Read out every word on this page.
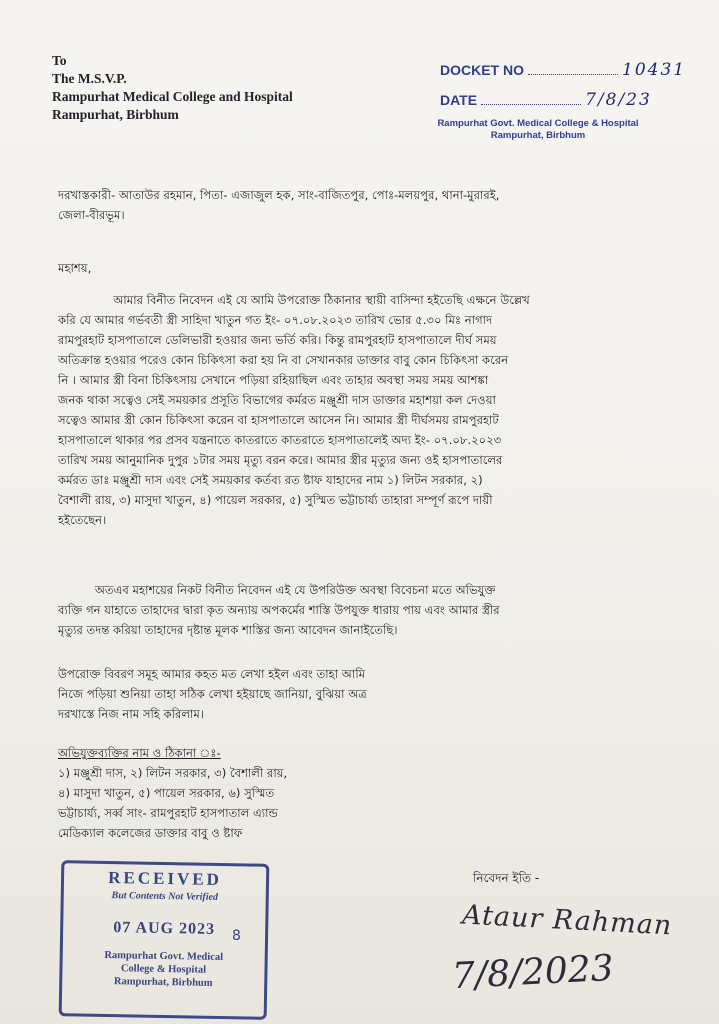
To
The M.S.V.P.
Rampurhat Medical College and Hospital
Rampurhat, Birbhum
DOCKET NO	10431
DATE	7/8/23
Rampurhat Govt. Medical College & Hospital
Rampurhat, Birbhum
দরখাস্তকারী- আতাউর রহমান, পিতা- এজাজুল হক, সাং-বাজিতপুর, পোঃ-মলয়পুর, থানা-মুরারই,
জেলা-বীরভূম।
মহাশয়,
আমার বিনীত নিবেদন এই যে আমি উপরোক্ত ঠিকানার স্থায়ী বাসিন্দা হইতেছি এক্ষনে উল্লেখ
করি যে আমার গর্ভবতী স্ত্রী সাহিদা খাতুন গত ইং- ০৭.০৮.২০২৩ তারিখ ভোর ৫.৩০ মিঃ নাগাদ
রামপুরহাট হাসপাতালে ডেলিভারী হওয়ার জন্য ভর্তি করি। কিন্তু রামপুরহাট হাসপাতালে দীর্ঘ সময়
অতিক্রান্ত হওয়ার পরেও কোন চিকিৎসা করা হয় নি বা সেখানকার ডাক্তার বাবু কোন চিকিৎসা করেন
নি । আমার স্ত্রী বিনা চিকিৎসায় সেখানে পড়িয়া রহিয়াছিল এবং তাহার অবস্থা সময় সময় আশঙ্কা
জনক থাকা সত্বেও সেই সময়কার প্রসূতি বিভাগের কর্মরত মঞ্জুশ্রী দাস ডাক্তার মহাশয়া কল দেওয়া
সত্বেও আমার স্ত্রী কোন চিকিৎসা করেন বা হাসপাতালে আসেন নি। আমার স্ত্রী দীর্ঘসময় রামপুরহাট
হাসপাতালে থাকার পর প্রসব যন্ত্রনাতে কাতরাতে কাতরাতে হাসপাতালেই অদ্য ইং- ০৭.০৮.২০২৩
তারিখ সময় আনুমানিক দুপুর ১টার সময় মৃত্যু বরন করে। আমার স্ত্রীর মৃত্যুর জন্য ওই হাসপাতালের
কর্মরত ডাঃ মঞ্জুশ্রী দাস এবং সেই সময়কার কর্তব্য রত ষ্টাফ যাহাদের নাম ১) লিটন সরকার, ২)
বৈশালী রায়, ৩) মাসুদা খাতুন, ৪) পায়েল সরকার, ৫) সুস্মিত ভট্টাচার্য্য তাহারা সম্পূর্ণ রূপে দায়ী
হইতেছেন।
অতএব মহাশয়ের নিকট বিনীত নিবেদন এই যে উপরিউক্ত অবস্থা বিবেচনা মতে অভিযুক্ত
ব্যক্তি গন যাহাতে তাহাদের দ্বারা কৃত অন্যায় অপকর্মের শাস্তি উপযুক্ত ধারায় পায় এবং আমার স্ত্রীর
মৃত্যুর তদন্ত করিয়া তাহাদের দৃষ্টান্ত মূলক শাস্তির জন্য আবেদন জানাইতেছি।
উপরোক্ত বিবরণ সমূহ আমার কহত মত লেখা হইল এবং তাহা আমি
নিজে পড়িয়া শুনিয়া তাহা সঠিক লেখা হইয়াছে জানিয়া, বুঝিয়া অত্র
দরখাস্তে নিজ নাম সহি করিলাম।
অভিযুক্তব্যক্তির নাম ও ঠিকানা ঃ-
১) মঞ্জুশ্রী দাস, ২) লিটন সরকার, ৩) বৈশালী রায়,
৪) মাসুদা খাতুন, ৫) পায়েল সরকার, ৬) সুস্মিত
ভট্টাচার্য্য, সর্ব্ব সাং- রামপুরহাট হাসপাতাল এ্যান্ড
মেডিক্যাল কলেজের ডাক্তার বাবু ও ষ্টাফ
নিবেদন ইতি -
Ataur Rahman
7/8/2023
RECEIVED
But Contents Not Verified
07 AUG 2023
Rampurhat Govt. Medical
College & Hospital
Rampurhat, Birbhum
8
